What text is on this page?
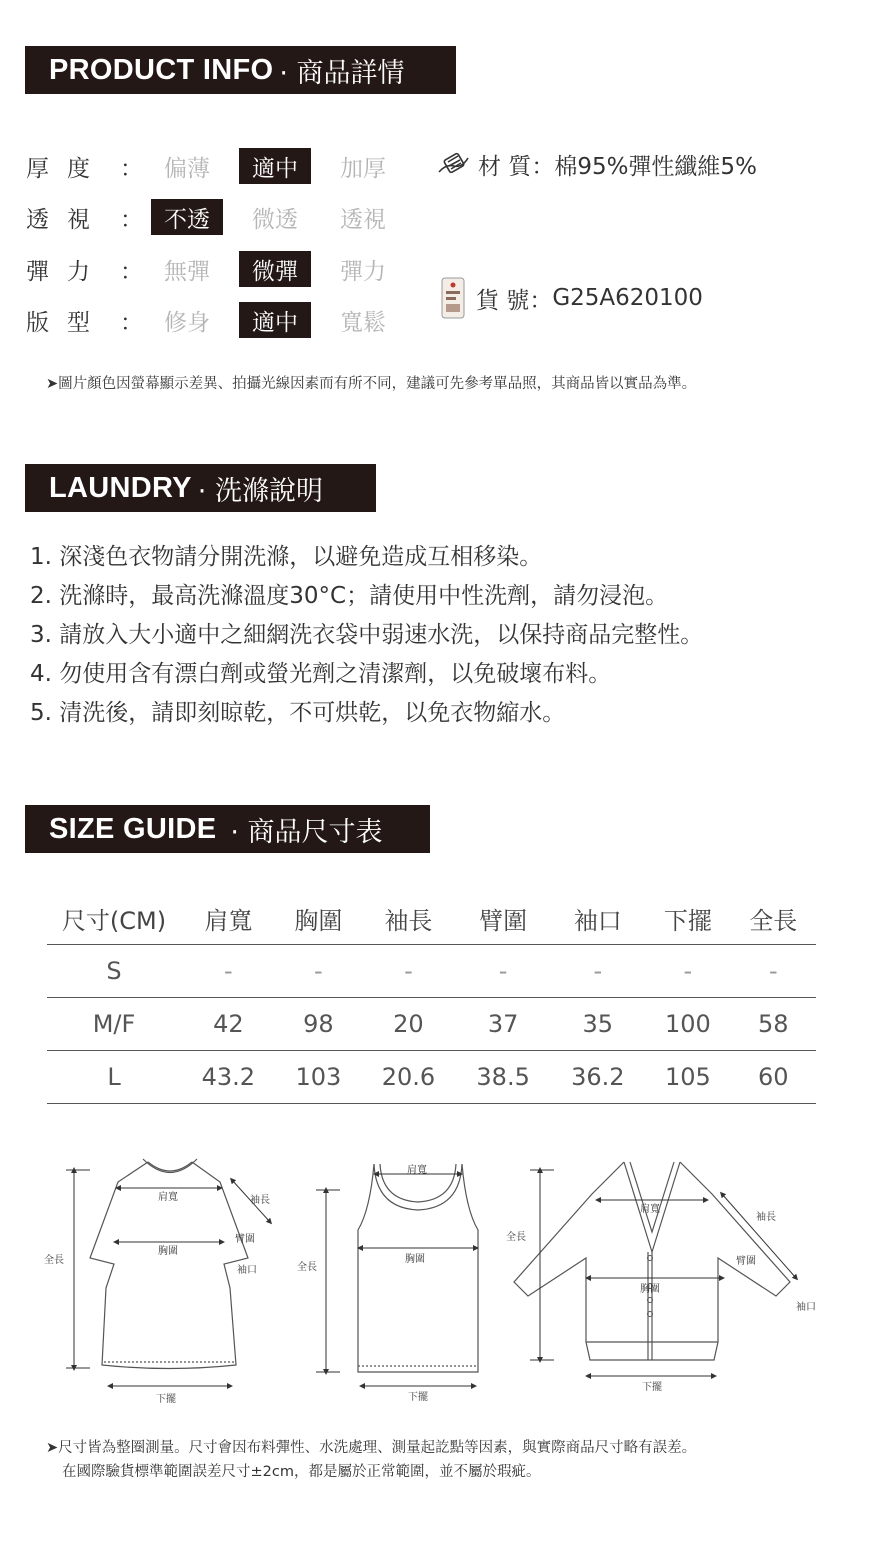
PRODUCT INFO · 商品詳情
厚度 ： 偏薄	適中	加厚
透視 ： 不透	微透	透視
彈力 ： 無彈	微彈	彈力
版型 ： 修身	適中	寬鬆
材 質 ： 棉95%彈性纖維5%
貨 號 ： G25A620100
➤圖片顏色因螢幕顯示差異、拍攝光線因素而有所不同，建議可先參考單品照，其商品皆以實品為準。
LAUNDRY · 洗滌說明
1. 深淺色衣物請分開洗滌，以避免造成互相移染。
2. 洗滌時，最高洗滌溫度30°C；請使用中性洗劑，請勿浸泡。
3. 請放入大小適中之細網洗衣袋中弱速水洗，以保持商品完整性。
4. 勿使用含有漂白劑或螢光劑之清潔劑，以免破壞布料。
5. 清洗後，請即刻晾乾，不可烘乾，以免衣物縮水。
SIZE GUIDE · 商品尺寸表
尺寸(CM)	肩寬	胸圍	袖長	臂圍	袖口	下擺	全長
S	-	-	-	-	-	-	-
M/F	42	98	20	37	35	100	58
L	43.2	103	20.6	38.5	36.2	105	60
肩寬
胸圍
全長
袖長
臂圍
袖口
下擺
肩寬
胸圍
全長
下擺
肩寬
胸圍
全長
袖長
臂圍
袖口
下擺
➤尺寸皆為整圈測量。尺寸會因布料彈性、水洗處理、測量起訖點等因素，與實際商品尺寸略有誤差。
在國際驗貨標準範圍誤差尺寸±2cm，都是屬於正常範圍，並不屬於瑕疵。
